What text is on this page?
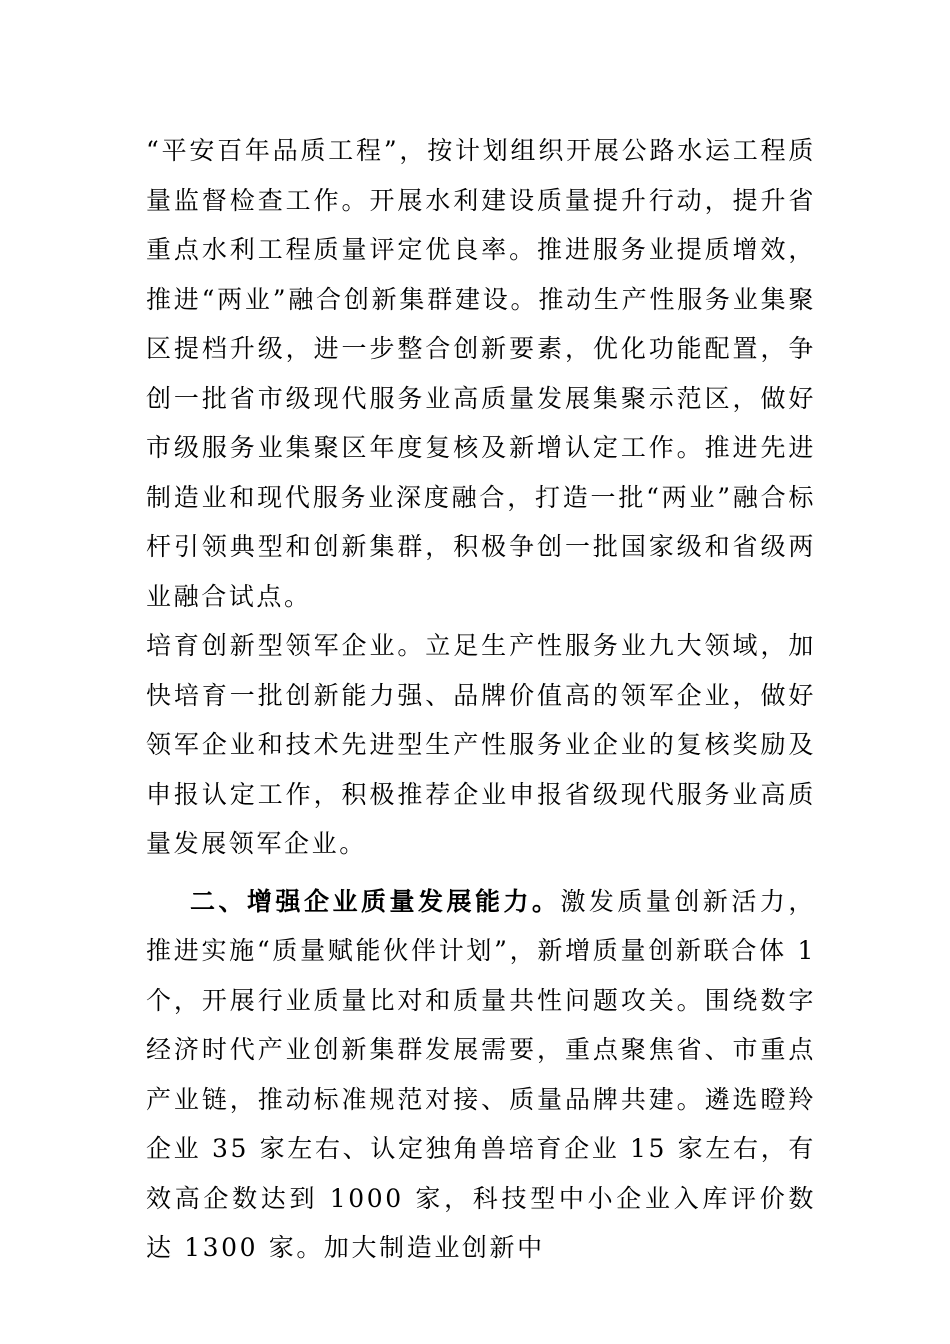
“平安百年品质工程”，按计划组织开展公路水运工程质量监督检查工作。开展水利建设质量提升行动，提升省重点水利工程质量评定优良率。推进服务业提质增效，推进“两业”融合创新集群建设。推动生产性服务业集聚区提档升级，进一步整合创新要素，优化功能配置，争创一批省市级现代服务业高质量发展集聚示范区，做好市级服务业集聚区年度复核及新增认定工作。推进先进制造业和现代服务业深度融合，打造一批“两业”融合标杆引领典型和创新集群，积极争创一批国家级和省级两业融合试点。

培育创新型领军企业。立足生产性服务业九大领域，加快培育一批创新能力强、品牌价值高的领军企业，做好领军企业和技术先进型生产性服务业企业的复核奖励及申报认定工作，积极推荐企业申报省级现代服务业高质量发展领军企业。

二、增强企业质量发展能力。激发质量创新活力，推进实施“质量赋能伙伴计划”，新增质量创新联合体 1 个，开展行业质量比对和质量共性问题攻关。围绕数字经济时代产业创新集群发展需要，重点聚焦省、市重点产业链，推动标准规范对接、质量品牌共建。遴选瞪羚企业 35 家左右、认定独角兽培育企业 15 家左右，有效高企数达到 1000 家，科技型中小企业入库评价数达 1300 家。加大制造业创新中
